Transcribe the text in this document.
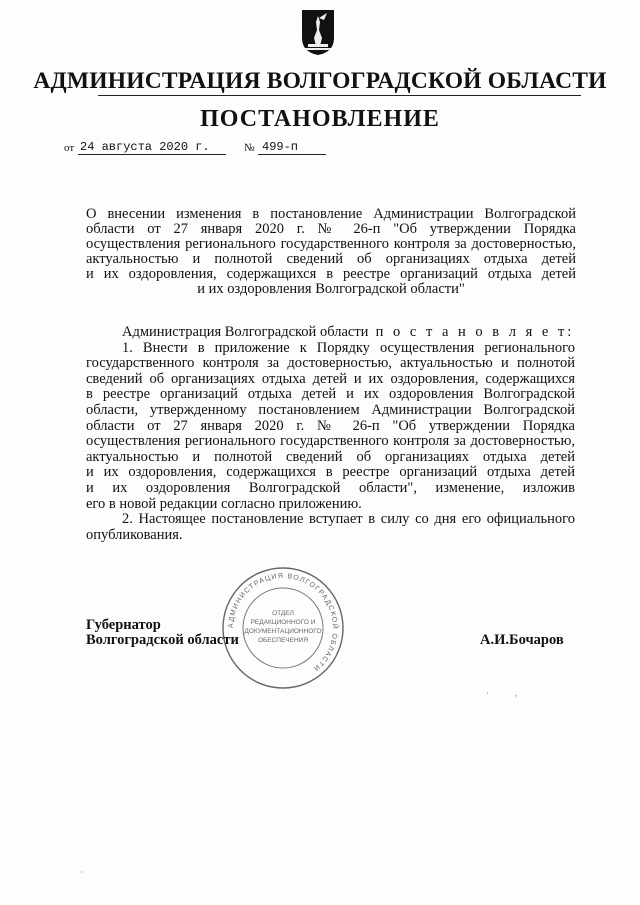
АДМИНИСТРАЦИЯ ВОЛГОГРАДСКОЙ ОБЛАСТИ
ПОСТАНОВЛЕНИЕ
от 24 августа 2020 г.	№ 499-п
О внесении изменения в постановление Администрации Волгоградской
области от 27 января 2020 г. № 26-п "Об утверждении Порядка
осуществления регионального государственного контроля за достоверностью,
актуальностью и полнотой сведений об организациях отдыха детей
и их оздоровления, содержащихся в реестре организаций отдыха детей
и их оздоровления Волгоградской области"
Администрация Волгоградской области п о с т а н о в л я е т:
1. Внести в приложение к Порядку осуществления регионального
государственного контроля за достоверностью, актуальностью и полнотой
сведений об организациях отдыха детей и их оздоровления, содержащихся
в реестре организаций отдыха детей и их оздоровления Волгоградской
области, утвержденному постановлением Администрации Волгоградской
области от 27 января 2020 г. № 26-п "Об утверждении Порядка
осуществления регионального государственного контроля за достоверностью,
актуальностью и полнотой сведений об организациях отдыха детей
и их оздоровления, содержащихся в реестре организаций отдыха детей
и их оздоровления Волгоградской области", изменение, изложив
его в новой редакции согласно приложению.
2. Настоящее постановление вступает в силу со дня его официального
опубликования.
АДМИНИСТРАЦИЯ ВОЛГОГРАДСКОЙ ОБЛАСТИ
ОТДЕЛ
РЕДАКЦИОННОГО И
ДОКУМЕНТАЦИОННОГО
ОБЕСПЕЧЕНИЯ
Губернатор
Волгоградской области	А.И.Бочаров
·	,
·
